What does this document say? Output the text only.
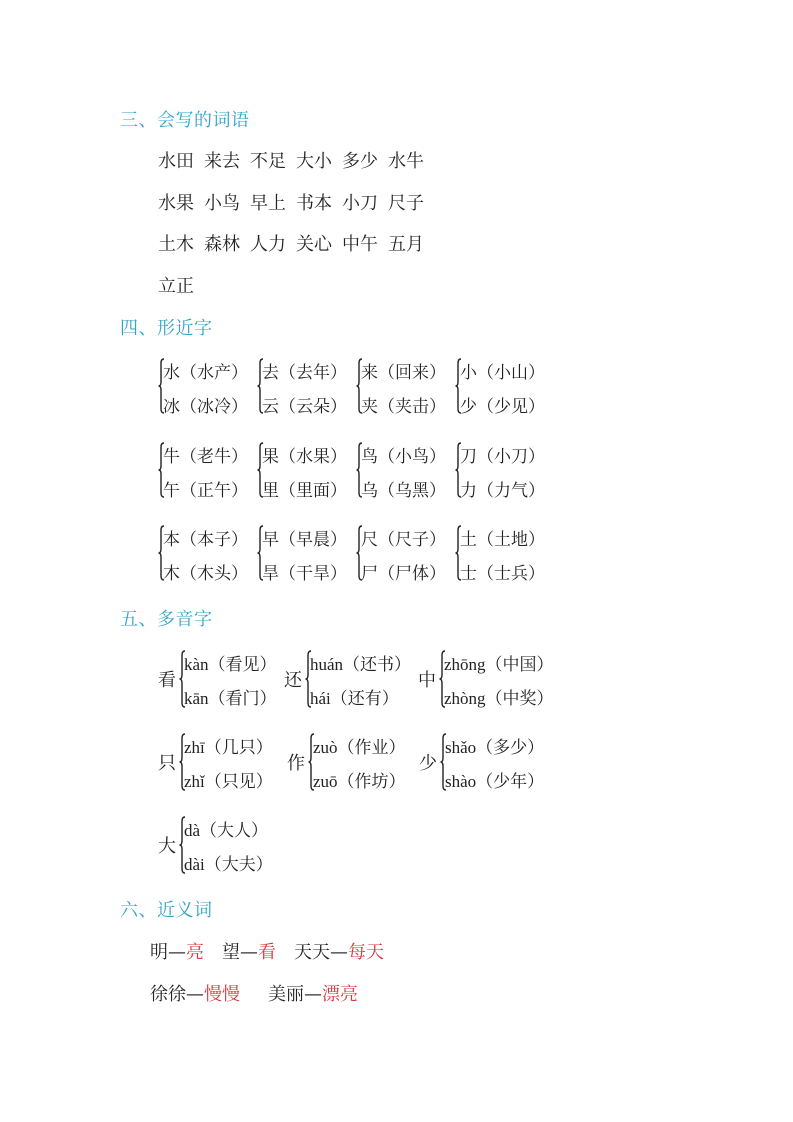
三、会写的词语
水田 来去 不足 大小 多少 水牛
水果 小鸟 早上 书本 小刀 尺子
土木 森林 人力 关心 中午 五月
立正
四、形近字
水（水产）
冰（冰冷）
去（去年）
云（云朵）
来（回来）
夹（夹击）
小（小山）
少（少见）
牛（老牛）
午（正午）
果（水果）
里（里面）
鸟（小鸟）
乌（乌黑）
刀（小刀）
力（力气）
本（本子）
木（木头）
早（早晨）
旱（干旱）
尺（尺子）
尸（尸体）
土（土地）
士（士兵）
五、多音字
看
kàn（看见）
kān（看门）
还
huán（还书）
hái（还有）
中
zhōng（中国）
zhòng（中奖）
只
zhī（几只）
zhǐ（只见）
作
zuò（作业）
zuō（作坊）
少
shǎo（多少）
shào（少年）
大
dà（大人）
dài（大夫）
六、近义词
明—亮 望—看 天天—每天
徐徐—慢慢 美丽—漂亮
